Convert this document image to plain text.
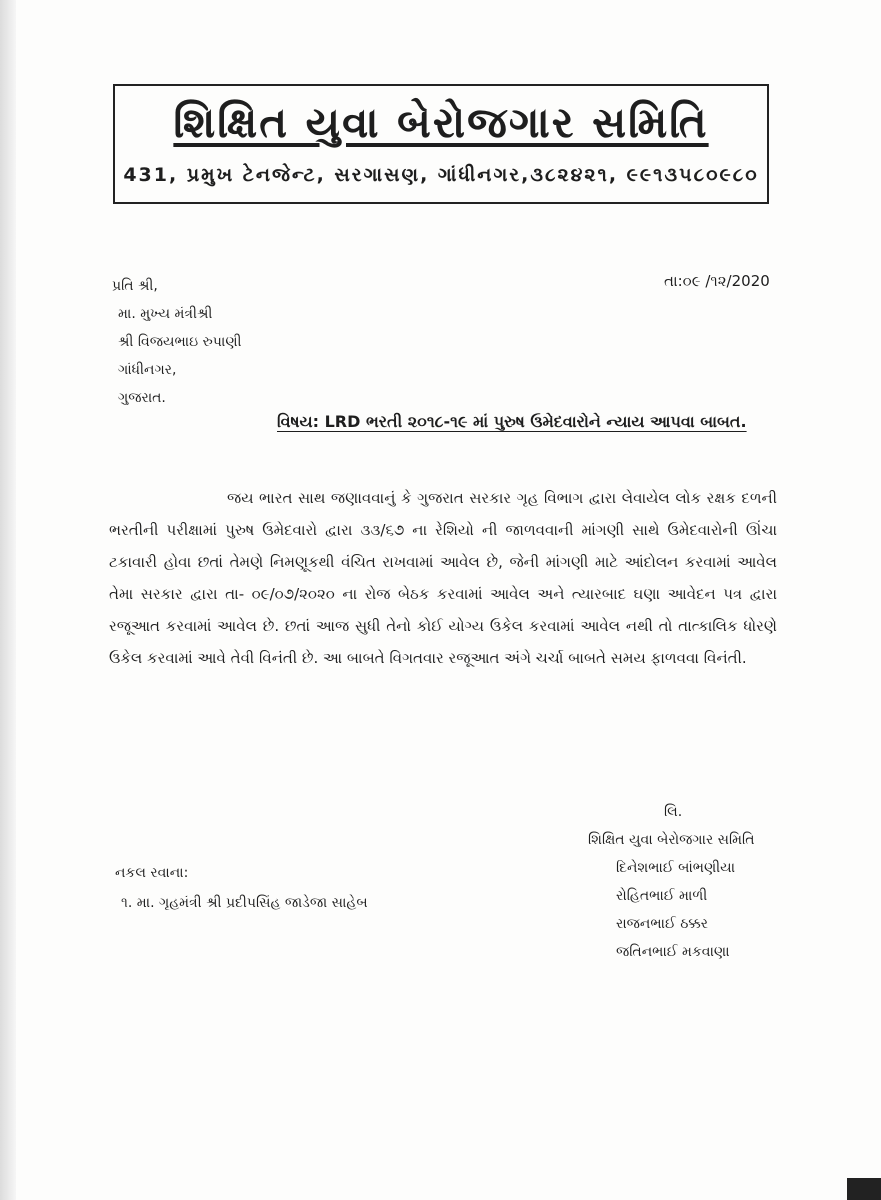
શિક્ષિત યુવા બેરોજગાર સમિતિ
431, પ્રમુખ ટેનજેન્ટ, સરગાસણ, ગાંધીનગર,૩૮૨૪૨૧, ૯૯૧૩૫૮૦૯૮૦
પ્રતિ શ્રી,
મા. મુખ્ય મંત્રીશ્રી
શ્રી વિજયભાઇ રુપાણી
ગાંધીનગર,
ગુજરાત.
તા:૦૯ /૧૨/2020
વિષય: LRD ભરતી ૨૦૧૮-૧૯ માં પુરુષ ઉમેદવારોને ન્યાય આપવા બાબત.
જય ભારત સાથ જણાવવાનું કે ગુજરાત સરકાર ગૃહ વિભાગ દ્વારા લેવાયેલ લોક રક્ષક દળની ભરતીની પરીક્ષામાં પુરુષ ઉમેદવારો દ્વારા ૩૩/૬૭ ના રેશિયો ની જાળવવાની માંગણી સાથે ઉમેદવારોની ઊંચા ટકાવારી હોવા છતાં તેમણે નિમણૂકથી વંચિત રાખવામાં આવેલ છે, જેની માંગણી માટે આંદોલન કરવામાં આવેલ તેમા સરકાર દ્વારા તા- ૦૯/૦૭/૨૦૨૦ ના રોજ બેઠક કરવામાં આવેલ અને ત્યારબાદ ઘણા આવેદન પત્ર દ્વારા રજૂઆત કરવામાં આવેલ છે. છતાં આજ સુધી તેનો કોઈ યોગ્ય ઉકેલ કરવામાં આવેલ નથી તો તાત્કાલિક ધોરણે ઉકેલ કરવામાં આવે તેવી વિનંતી છે. આ બાબતે વિગતવાર રજૂઆત અંગે ચર્ચા બાબતે સમય ફાળવવા વિનંતી.
લિ.
શિક્ષિત યુવા બેરોજગાર સમિતિ
દિનેશભાઈ બાંભણીયા
રોહિતભાઈ માળી
રાજનભાઈ ઠક્કર
જતિનભાઈ મકવાણા
નકલ રવાના:
૧. મા. ગૃહમંત્રી શ્રી પ્રદીપસિંહ જાડેજા સાહેબ
